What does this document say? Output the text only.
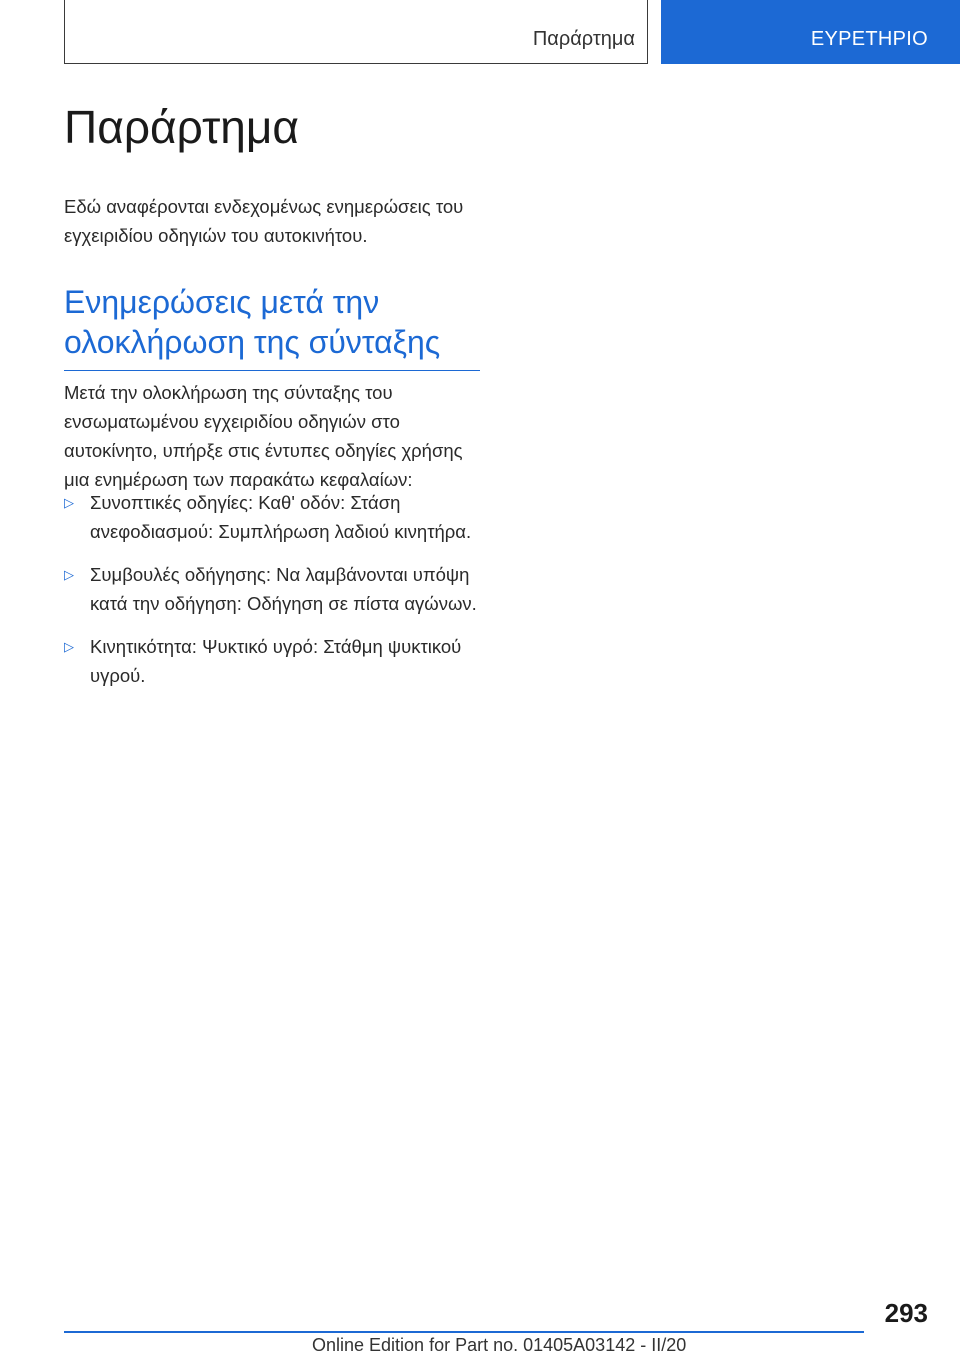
Παράρτημα	ΕΥΡΕΤΗΡΙΟ
Παράρτημα

Εδώ αναφέρονται ενδεχομένως ενημερώσεις του εγχειριδίου οδηγιών του αυτοκινήτου.

Ενημερώσεις μετά την ολοκλήρωση της σύνταξης

Μετά την ολοκλήρωση της σύνταξης του ενσωματωμένου εγχειριδίου οδηγιών στο αυτοκίνητο, υπήρξε στις έντυπες οδηγίες χρήσης μια ενημέρωση των παρακάτω κεφαλαίων:

▷ Συνοπτικές οδηγίες: Καθ' οδόν: Στάση ανεφοδιασμού: Συμπλήρωση λαδιού κινητήρα.
▷ Συμβουλές οδήγησης: Να λαμβάνονται υπόψη κατά την οδήγηση: Οδήγηση σε πίστα αγώνων.
▷ Κινητικότητα: Ψυκτικό υγρό: Στάθμη ψυκτικού υγρού.
293
Online Edition for Part no. 01405A03142 - II/20
